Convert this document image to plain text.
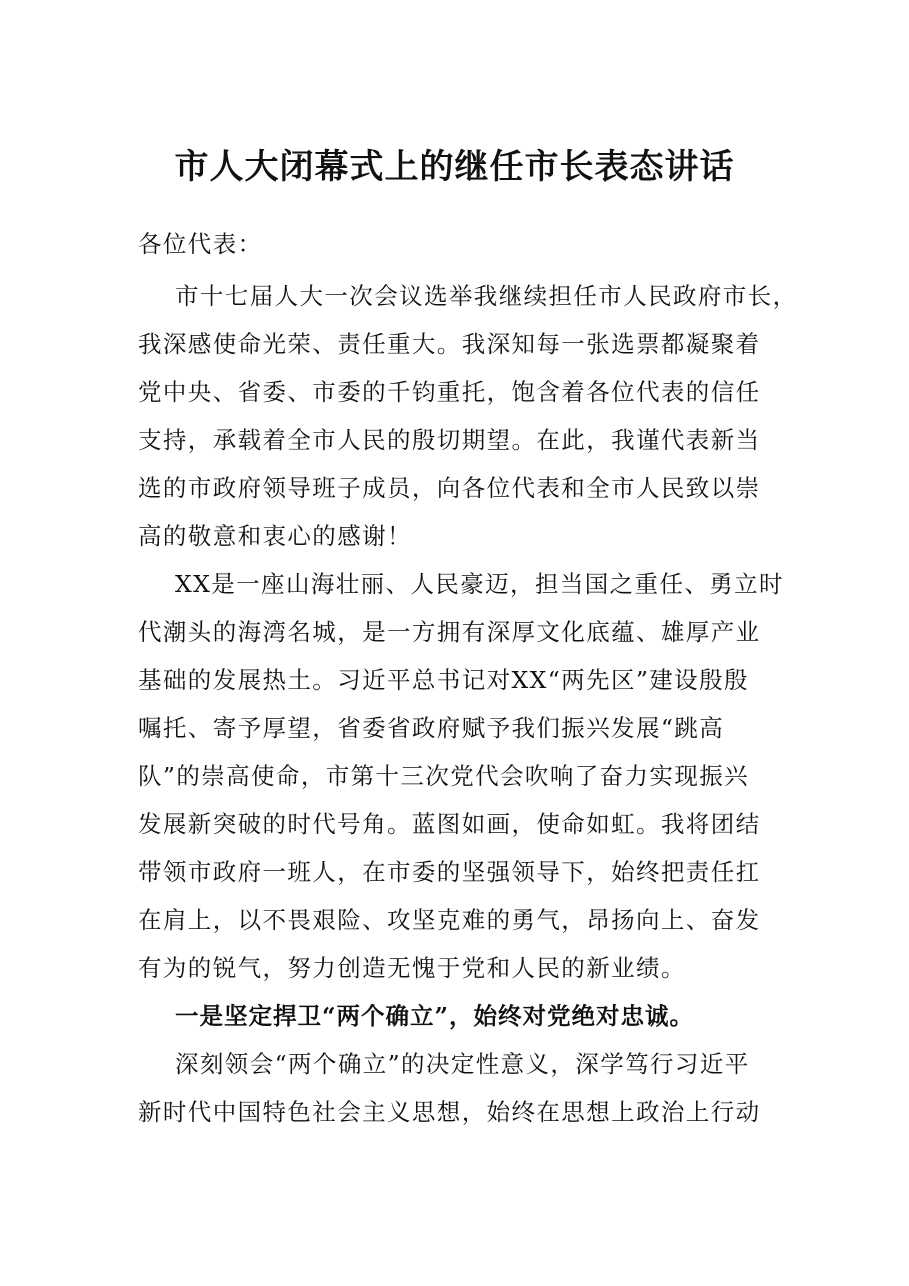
市人大闭幕式上的继任市长表态讲话
各位代表：
市十七届人大一次会议选举我继续担任市人民政府市长，
我深感使命光荣、责任重大。我深知每一张选票都凝聚着
党中央、省委、市委的千钧重托，饱含着各位代表的信任
支持，承载着全市人民的殷切期望。在此，我谨代表新当
选的市政府领导班子成员，向各位代表和全市人民致以崇
高的敬意和衷心的感谢！
XX是一座山海壮丽、人民豪迈，担当国之重任、勇立时
代潮头的海湾名城，是一方拥有深厚文化底蕴、雄厚产业
基础的发展热土。习近平总书记对XX“两先区”建设殷殷
嘱托、寄予厚望，省委省政府赋予我们振兴发展“跳高
队”的崇高使命，市第十三次党代会吹响了奋力实现振兴
发展新突破的时代号角。蓝图如画，使命如虹。我将团结
带领市政府一班人，在市委的坚强领导下，始终把责任扛
在肩上，以不畏艰险、攻坚克难的勇气，昂扬向上、奋发
有为的锐气，努力创造无愧于党和人民的新业绩。
一是坚定捍卫“两个确立”，始终对党绝对忠诚。
深刻领会“两个确立”的决定性意义，深学笃行习近平
新时代中国特色社会主义思想，始终在思想上政治上行动
